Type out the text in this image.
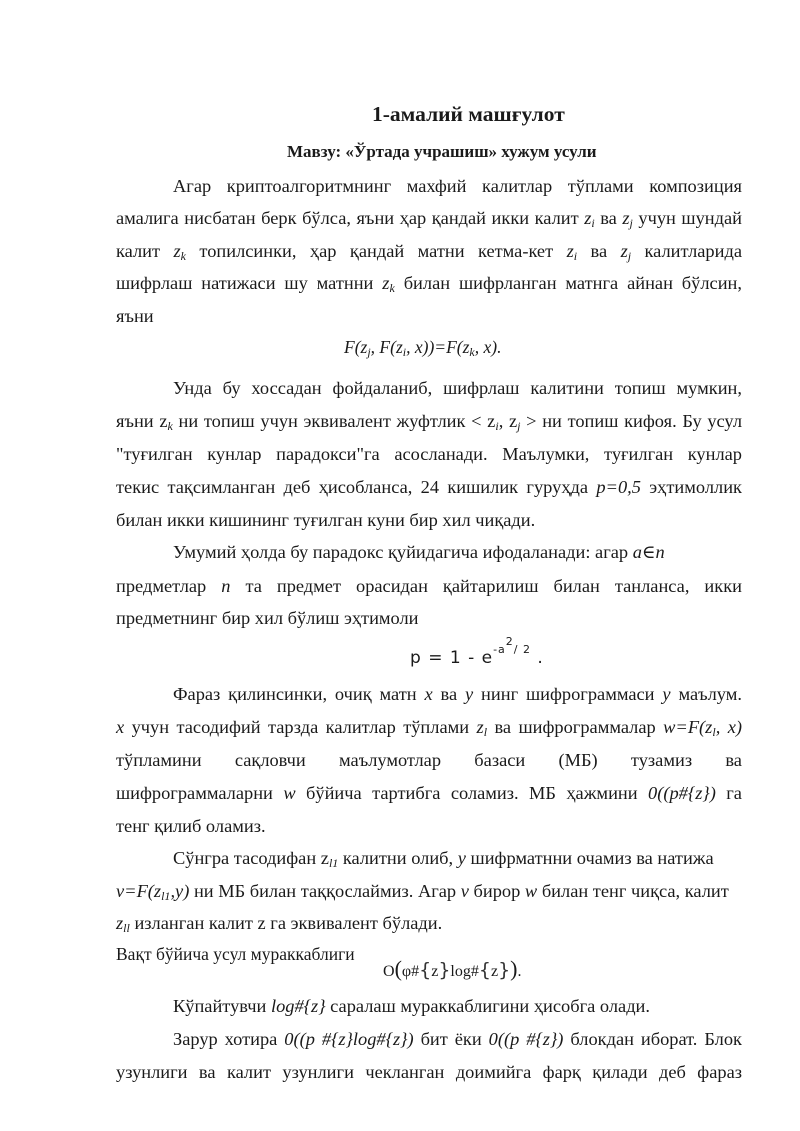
1-амалий машғулот
Мавзу: «Ўртада учрашиш» хужум усули
Агар криптоалгоритмнинг махфий калитлар тўплами композиция
амалига нисбатан берк бўлса, яъни ҳар қандай икки калит $z_i$ ва $z_j$ учун шундай
калит $z_k$ топилсинки, ҳар қандай матни кетма-кет $z_i$ ва $z_j$ калитларида
шифрлаш натижаси шу матнни $z_k$ билан шифрланган матнга айнан бўлсин,
яъни
$F(z_j$, $F(z_i$, $x))=F(z_k$, x).
Унда бу хоссадан фойдаланиб, шифрлаш калитини топиш мумкин,
яъни $z_k$ ни топиш учун эквивалент жуфтлик < $z_i$, $z_j$ > ни топиш кифоя. Бу усул
"туғилган кунлар парадокси"га асосланади. Маълумки, туғилган кунлар
текис тақсимланган деб ҳисобланса, 24 кишилик гуруҳда p=0,5 эҳтимоллик
билан икки кишининг туғилган куни бир хил чиқади.
Умумий ҳолда бу парадокс қуйидагича ифодаланади: агар a∈n
предметлар n та предмет орасидан қайтарилиш билан танланса, икки
предметнинг бир хил бўлиш эҳтимоли
$p = 1 - e^{-a2/ 2}$ .
Фараз қилинсинки, очиқ матн x ва y нинг шифрограммаси y маълум.
x учун тасодифий тарзда калитлар тўплами $z_l$ ва шифрограммалар $w=F(z_l$, x)
тўпламини сақловчи маълумотлар базаси (МБ) тузамиз ва
шифрограммаларни w бўйича тартибга соламиз. МБ ҳажмини 0((p#{z}) га
тенг қилиб оламиз.
Сўнгра тасодифан $z_{l1}$ калитни олиб, y шифрматнни очамиз ва натижа
$v=F(z_{l1},y)$ ни МБ билан таққослаймиз. Агар v бирор w билан тенг чиқса, калит
$z_{ll}$ изланган калит z га эквивалент бўлади.
Вақт бўйича усул мураккаблиги
O(φ#{z}log#{z}).
Кўпайтувчи log#{z} саралаш мураккаблигини ҳисобга олади.
Зарур хотира 0((p #{z}log#{z}) бит ёки 0((p #{z}) блокдан иборат. Блок
узунлиги ва калит узунлиги чекланган доимийга фарқ қилади деб фараз
